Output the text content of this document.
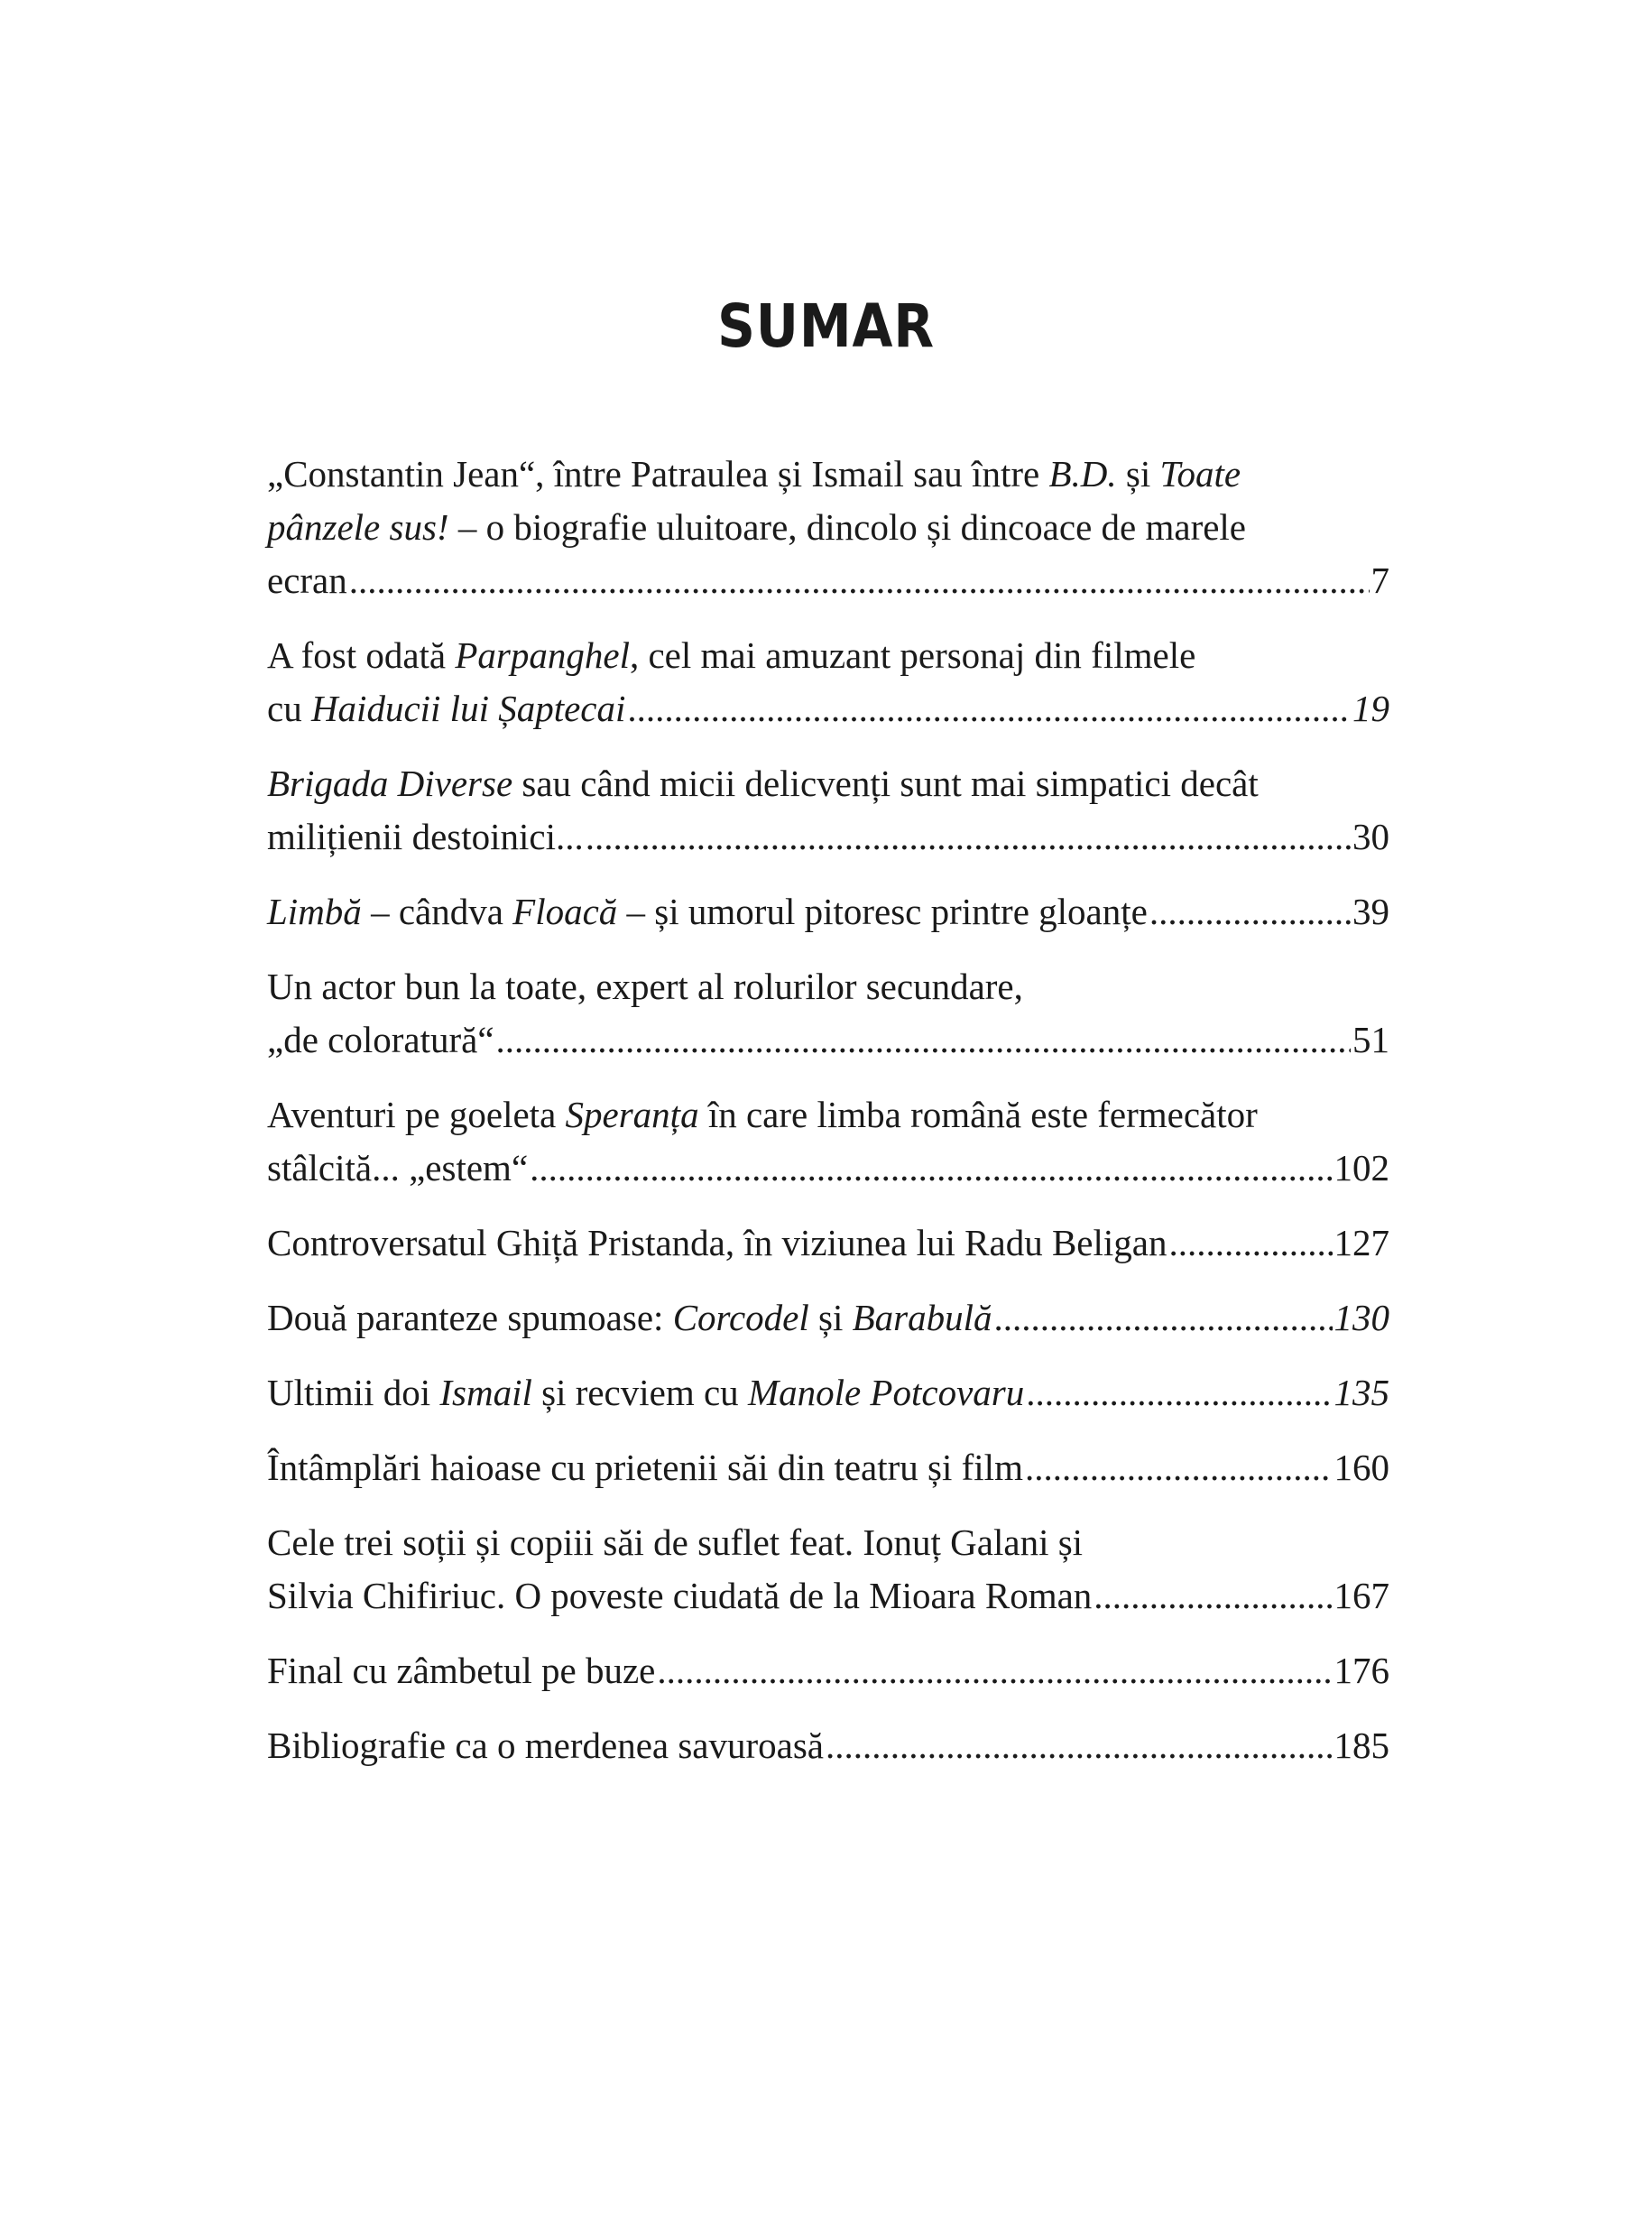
SUMAR
„Constantin Jean“, între Patraulea și Ismail sau între B.D. și Toate
pânzele sus! – o biografie uluitoare, dincolo și dincoace de marele
ecran .....	7
A fost odată Parpanghel, cel mai amuzant personaj din filmele
cu Haiducii lui Șaptecai .....	19
Brigada Diverse sau când micii delicvenți sunt mai simpatici decât
milițienii destoinici... .....	30
Limbă – cândva Floacă – și umorul pitoresc printre gloanțe .....	39
Un actor bun la toate, expert al rolurilor secundare,
„de coloratură“ .....	51
Aventuri pe goeleta Speranța în care limba română este fermecător
stâlcită... „estem“ .....	102
Controversatul Ghiță Pristanda, în viziunea lui Radu Beligan .....	127
Două paranteze spumoase: Corcodel și Barabulă .....	130
Ultimii doi Ismail și recviem cu Manole Potcovaru .....	135
Întâmplări haioase cu prietenii săi din teatru și film .....	160
Cele trei soții și copiii săi de suflet feat. Ionuț Galani și
Silvia Chifiriuc. O poveste ciudată de la Mioara Roman .....	167
Final cu zâmbetul pe buze .....	176
Bibliografie ca o merdenea savuroasă .....	185
